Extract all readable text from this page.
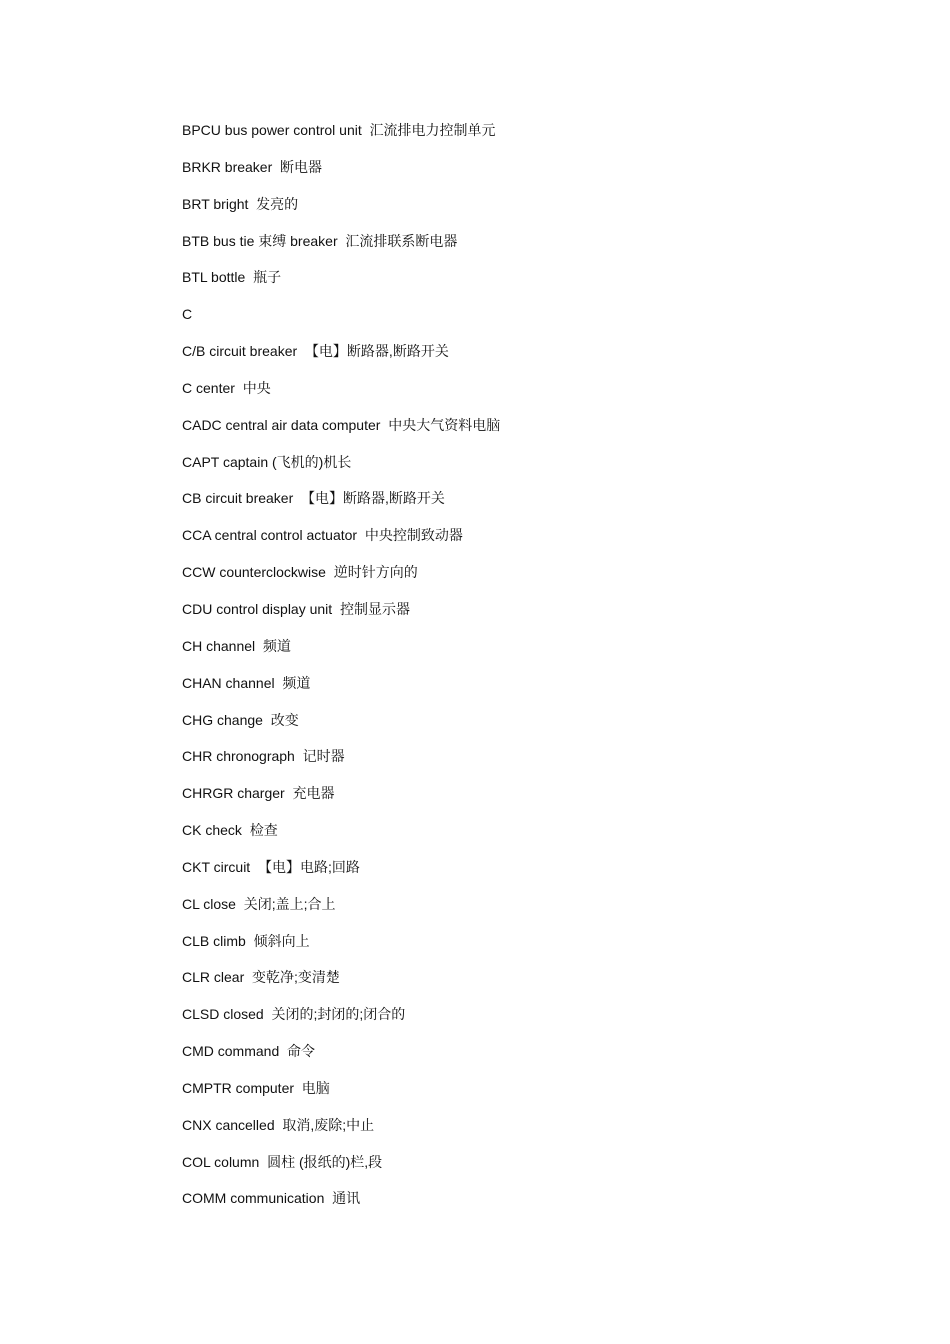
BPCU bus power control unit  汇流排电力控制单元
BRKR breaker  断电器
BRT bright  发亮的
BTB bus tie 束缚 breaker  汇流排联系断电器
BTL bottle  瓶子
C
C/B circuit breaker  【电】断路器,断路开关
C center  中央
CADC central air data computer  中央大气资料电脑
CAPT captain (飞机的)机长
CB circuit breaker  【电】断路器,断路开关
CCA central control actuator  中央控制致动器
CCW counterclockwise  逆时针方向的
CDU control display unit  控制显示器
CH channel  频道
CHAN channel  频道
CHG change  改变
CHR chronograph  记时器
CHRGR charger  充电器
CK check  检查
CKT circuit  【电】电路;回路
CL close  关闭;盖上;合上
CLB climb  倾斜向上
CLR clear  变乾净;变清楚
CLSD closed  关闭的;封闭的;闭合的
CMD command  命令
CMPTR computer  电脑
CNX cancelled  取消,废除;中止
COL column  圆柱 (报纸的)栏,段
COMM communication  通讯
